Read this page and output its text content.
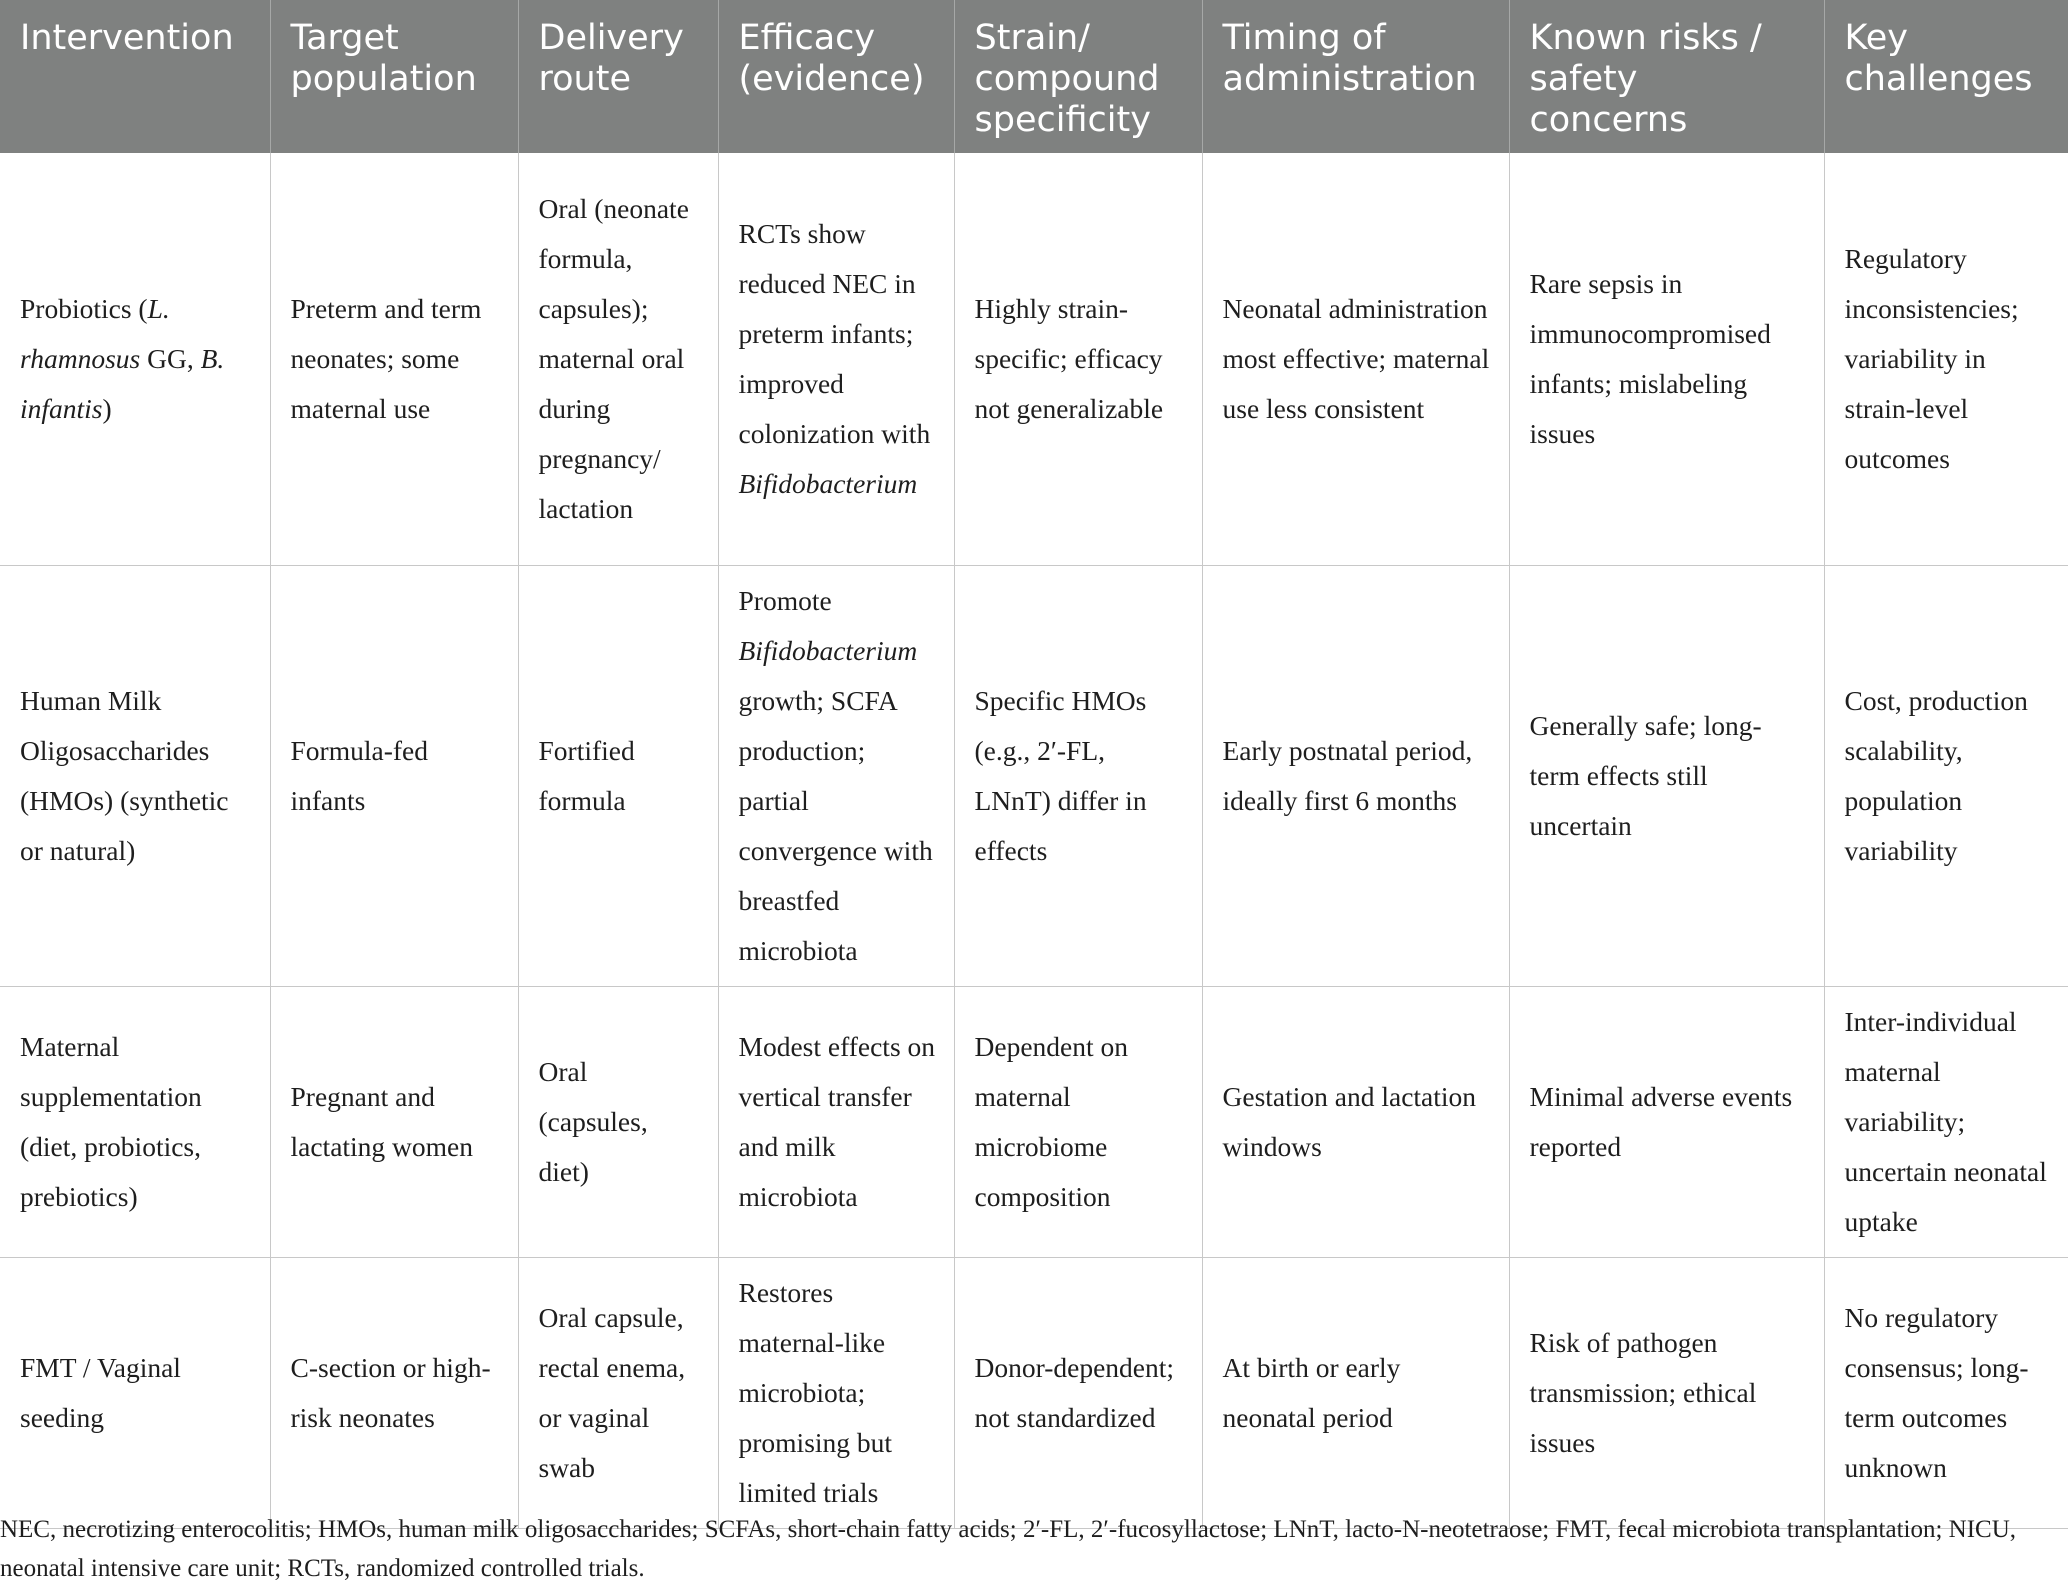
Intervention	Target population	Delivery route	Efficacy (evidence)	Strain/ compound specificity	Timing of administration	Known risks / safety concerns	Key challenges
Probiotics (L. rhamnosus GG, B. infantis)	Preterm and term neonates; some maternal use	Oral (neonate formula, capsules); maternal oral during pregnancy/ lactation	RCTs show reduced NEC in preterm infants; improved colonization with Bifidobacterium	Highly strain-specific; efficacy not generalizable	Neonatal administration most effective; maternal use less consistent	Rare sepsis in immunocompromised infants; mislabeling issues	Regulatory inconsistencies; variability in strain-level outcomes
Human Milk Oligosaccharides (HMOs) (synthetic or natural)	Formula-fed infants	Fortified formula	Promote Bifidobacterium growth; SCFA production; partial convergence with breastfed microbiota	Specific HMOs (e.g., 2′-FL, LNnT) differ in effects	Early postnatal period, ideally first 6 months	Generally safe; long-term effects still uncertain	Cost, production scalability, population variability
Maternal supplementation (diet, probiotics, prebiotics)	Pregnant and lactating women	Oral (capsules, diet)	Modest effects on vertical transfer and milk microbiota	Dependent on maternal microbiome composition	Gestation and lactation windows	Minimal adverse events reported	Inter-individual maternal variability; uncertain neonatal uptake
FMT / Vaginal seeding	C-section or high-risk neonates	Oral capsule, rectal enema, or vaginal swab	Restores maternal-like microbiota; promising but limited trials	Donor-dependent; not standardized	At birth or early neonatal period	Risk of pathogen transmission; ethical issues	No regulatory consensus; long-term outcomes unknown
NEC, necrotizing enterocolitis; HMOs, human milk oligosaccharides; SCFAs, short-chain fatty acids; 2′-FL, 2′-fucosyllactose; LNnT, lacto-N-neotetraose; FMT, fecal microbiota transplantation; NICU, neonatal intensive care unit; RCTs, randomized controlled trials.
